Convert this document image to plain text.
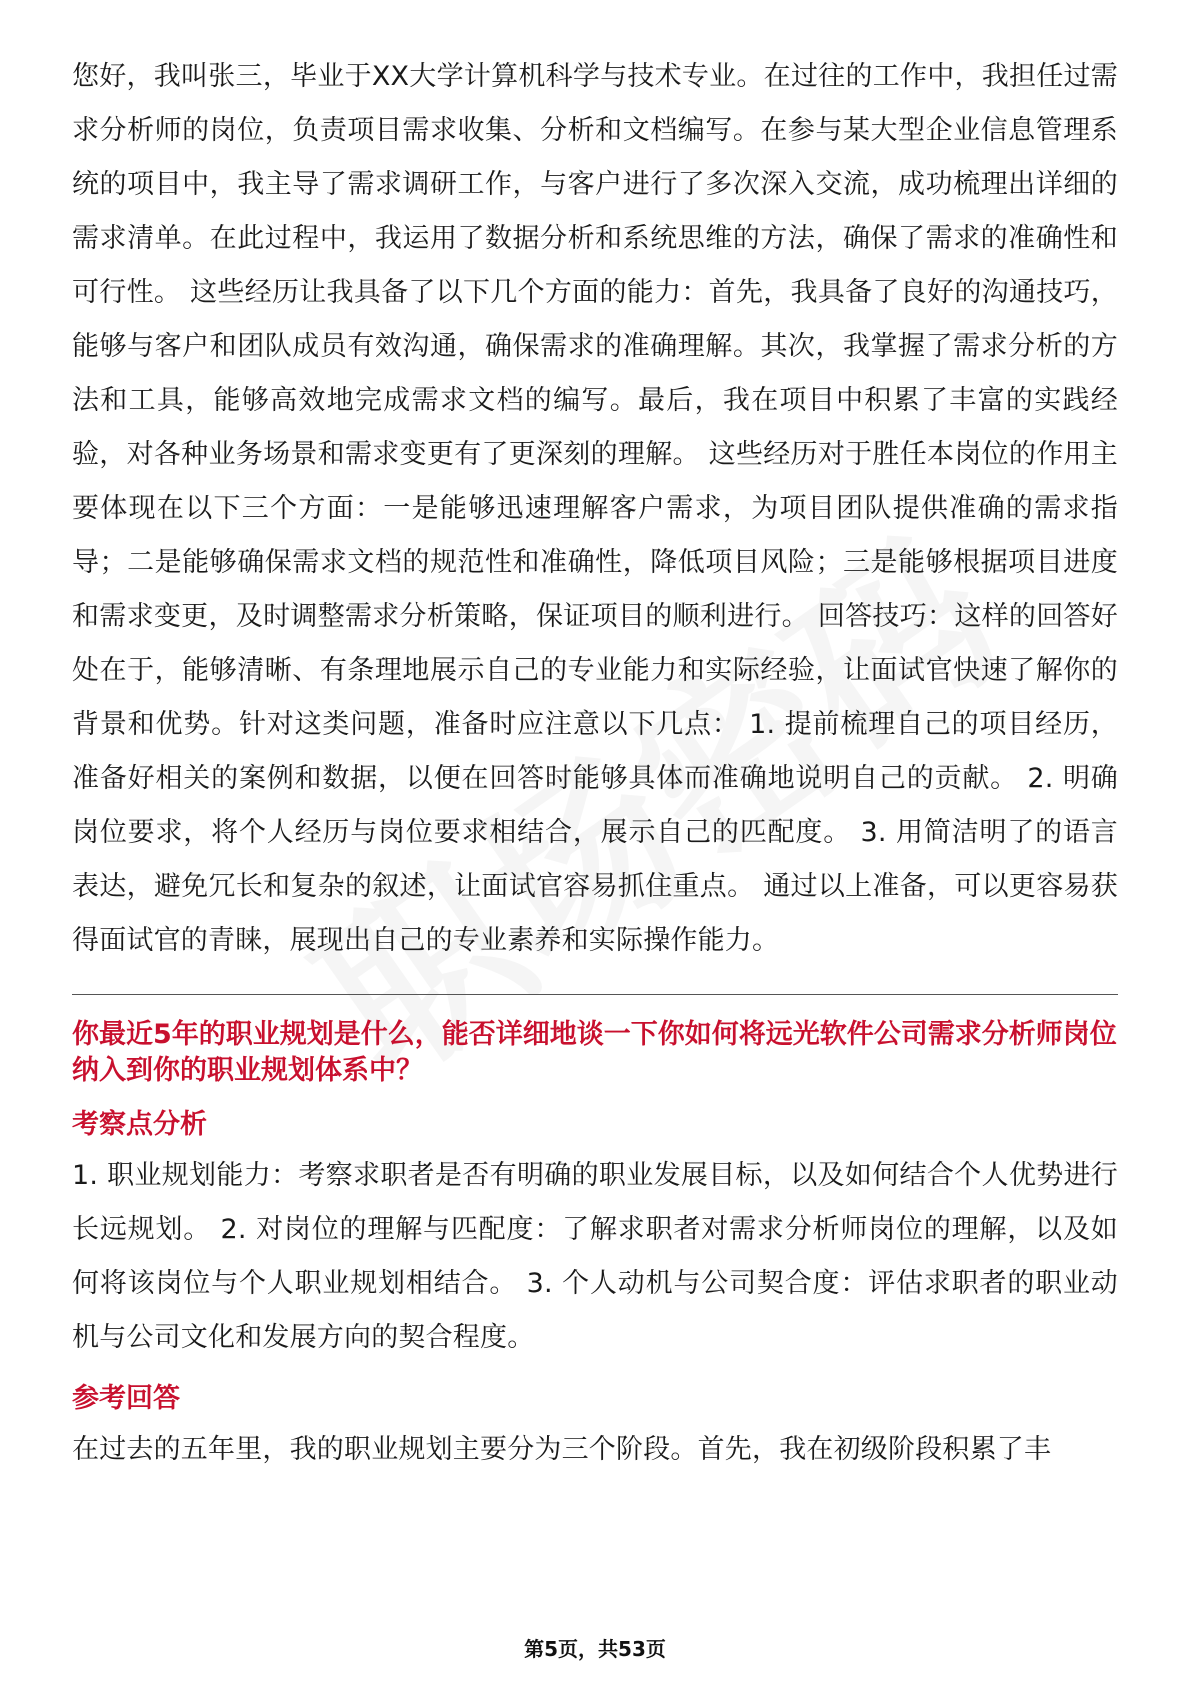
您好，我叫张三，毕业于XX大学计算机科学与技术专业。在过往的工作中，我担任过需求分析师的岗位，负责项目需求收集、分析和文档编写。在参与某大型企业信息管理系统的项目中，我主导了需求调研工作，与客户进行了多次深入交流，成功梳理出详细的需求清单。在此过程中，我运用了数据分析和系统思维的方法，确保了需求的准确性和可行性。 这些经历让我具备了以下几个方面的能力：首先，我具备了良好的沟通技巧，能够与客户和团队成员有效沟通，确保需求的准确理解。其次，我掌握了需求分析的方法和工具，能够高效地完成需求文档的编写。最后，我在项目中积累了丰富的实践经验，对各种业务场景和需求变更有了更深刻的理解。 这些经历对于胜任本岗位的作用主要体现在以下三个方面：一是能够迅速理解客户需求，为项目团队提供准确的需求指导；二是能够确保需求文档的规范性和准确性，降低项目风险；三是能够根据项目进度和需求变更，及时调整需求分析策略，保证项目的顺利进行。 回答技巧：这样的回答好处在于，能够清晰、有条理地展示自己的专业能力和实际经验，让面试官快速了解你的背景和优势。针对这类问题，准备时应注意以下几点： 1. 提前梳理自己的项目经历，准备好相关的案例和数据，以便在回答时能够具体而准确地说明自己的贡献。 2. 明确岗位要求，将个人经历与岗位要求相结合，展示自己的匹配度。 3. 用简洁明了的语言表达，避免冗长和复杂的叙述，让面试官容易抓住重点。 通过以上准备，可以更容易获得面试官的青睐，展现出自己的专业素养和实际操作能力。

你最近5年的职业规划是什么，能否详细地谈一下你如何将远光软件公司需求分析师岗位纳入到你的职业规划体系中？

考察点分析

1. 职业规划能力：考察求职者是否有明确的职业发展目标，以及如何结合个人优势进行长远规划。 2. 对岗位的理解与匹配度：了解求职者对需求分析师岗位的理解，以及如何将该岗位与个人职业规划相结合。 3. 个人动机与公司契合度：评估求职者的职业动机与公司文化和发展方向的契合程度。

参考回答

在过去的五年里，我的职业规划主要分为三个阶段。首先，我在初级阶段积累了丰

第5页，共53页
